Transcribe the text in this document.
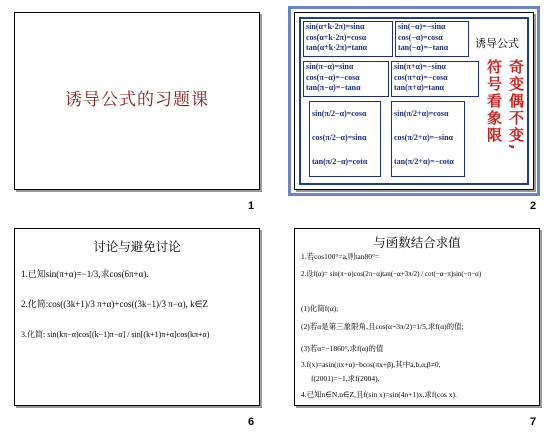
诱导公式的习题课
1
sin(α+k·2π)=sinα
cos(α+k·2π)=cosα
tan(α+k·2π)=tanα
sin(−α)=−sinα
cos(−α)=cosα
tan(−α)=−tanα
sin(π−α)=sinα
cos(π−α)=−cosα
tan(π−α)=−tanα
sin(π+α)=−sinα
cos(π+α)=−cosα
tan(π+α)=tanα
sin(π/2−α)=cosα
cos(π/2−α)=sinα
tan(π/2−α)=cotα
sin(π/2+α)=cosα
cos(π/2+α)=−sinα
tan(π/2+α)=−cotα
诱导公式
奇变偶不变,
符号看象限
2
讨论与避免讨论
1.已知sin(π+α)=−1/3,求cos(6π+α).
2.化简:cos((3k+1)/3 π+α)+cos((3k−1)/3 π−α), k∈Z
3.化简: sin(kπ−α)cos[(k−1)π−α] / sin[(k+1)π+α]cos(kπ+α)
6
与函数结合求值
1.若cos100°=a,则tan80°=
2.设f(α)= sin(π−α)cos(2π−α)tan(−α+3π/2) / cot(−α−π)sin(−π−α)
(1)化简f(α);
(2)若α是第三象限角,且cos(α−3π/2)=1/5,求f(α)的值;
(3)若α=−1860°,求f(α)的值
3.f(x)=asin(πx+α)−bcos(πx+β),其中a,b,α,β≠0,
f(2001)=−1,求f(2004).
4.已知n∈N,n∈Z,且f(sin x)=sin(4n+1)x,求f(cos x).
7
